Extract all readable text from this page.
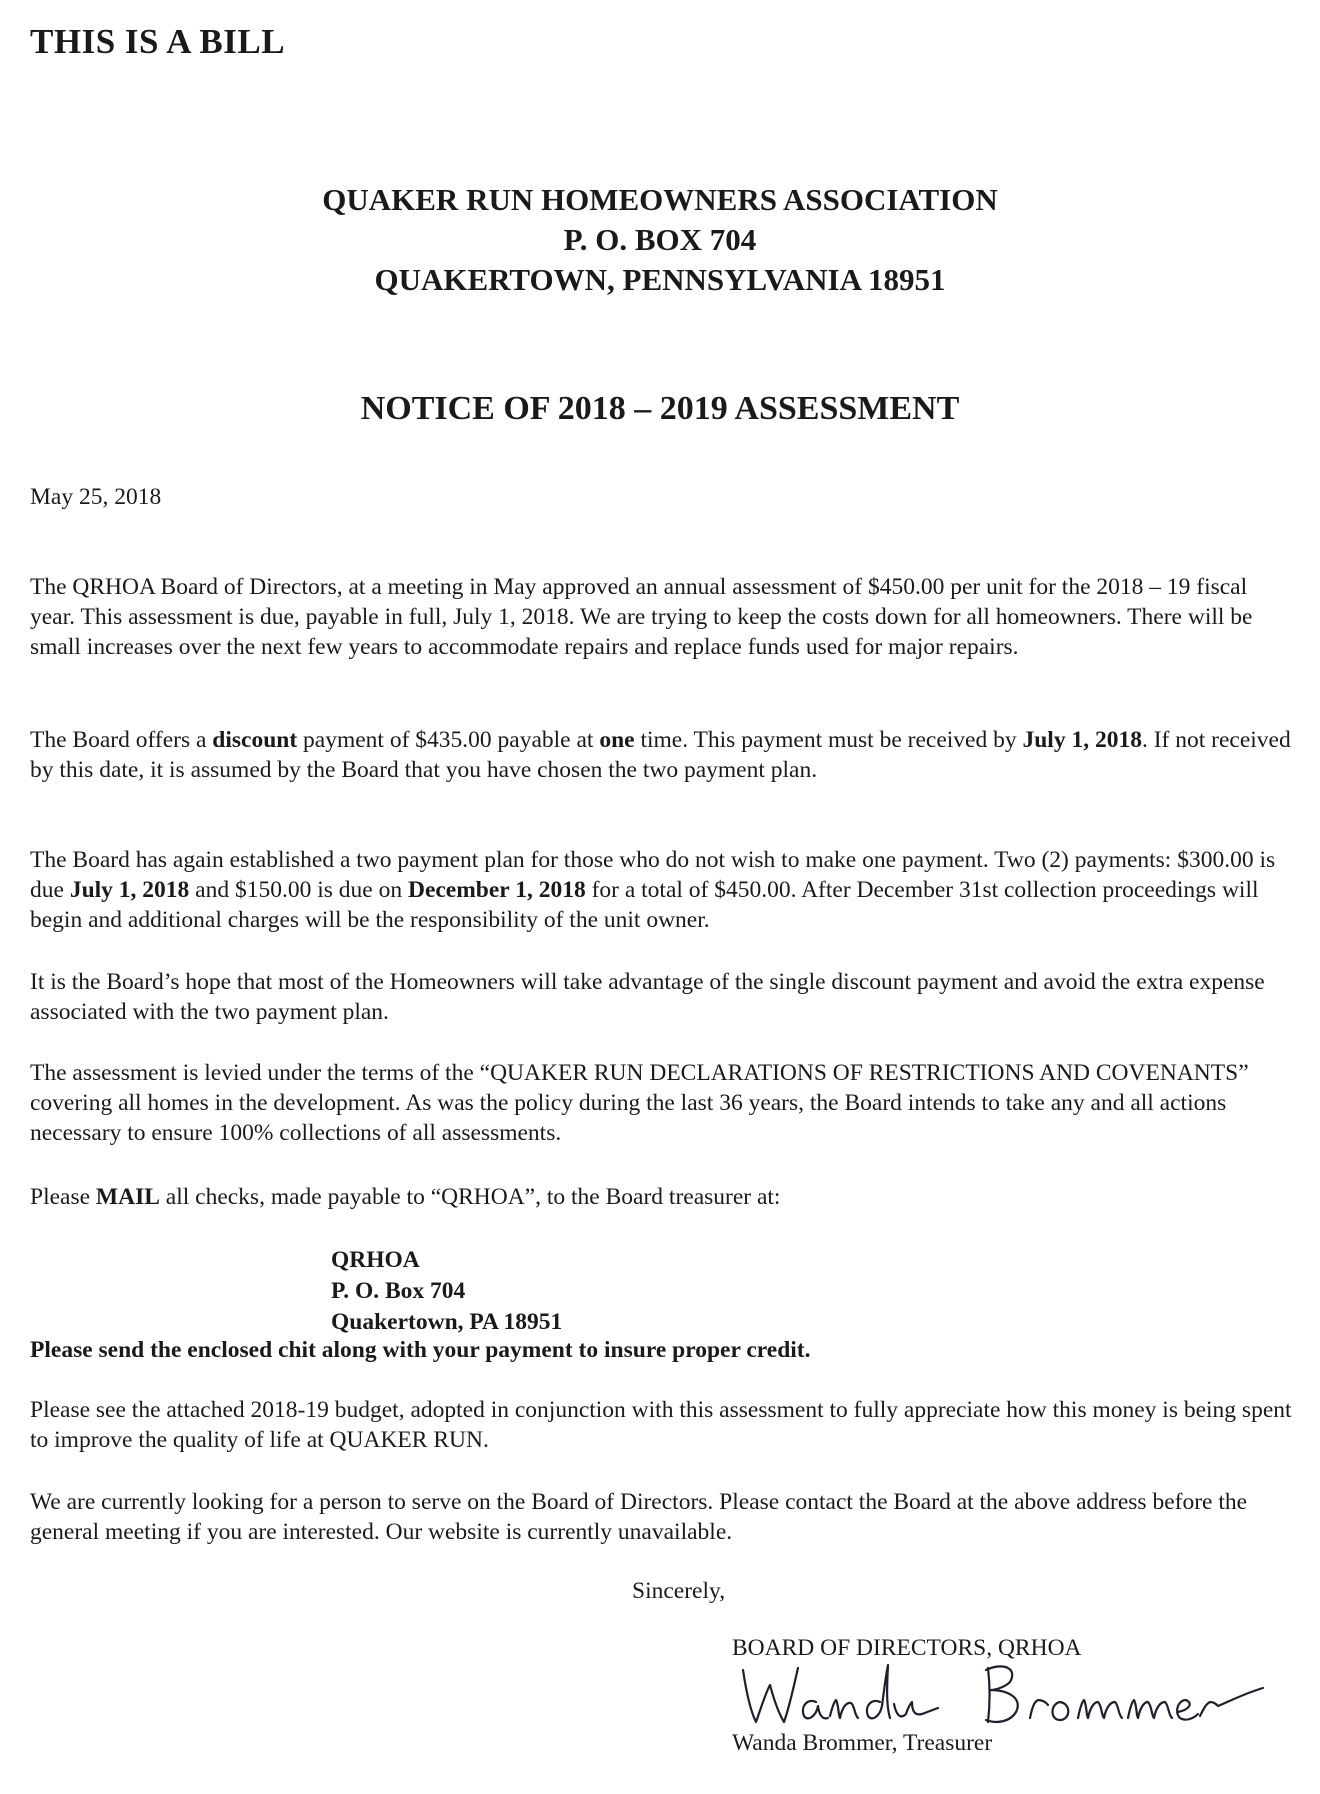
THIS IS A BILL
QUAKER RUN HOMEOWNERS ASSOCIATION
P. O. BOX 704
QUAKERTOWN, PENNSYLVANIA 18951
NOTICE OF 2018 – 2019 ASSESSMENT
May 25, 2018
The QRHOA Board of Directors, at a meeting in May approved an annual assessment of $450.00 per unit for the 2018 – 19 fiscal year. This assessment is due, payable in full, July 1, 2018. We are trying to keep the costs down for all homeowners. There will be small increases over the next few years to accommodate repairs and replace funds used for major repairs.
The Board offers a discount payment of $435.00 payable at one time. This payment must be received by July 1, 2018. If not received by this date, it is assumed by the Board that you have chosen the two payment plan.
The Board has again established a two payment plan for those who do not wish to make one payment. Two (2) payments: $300.00 is due July 1, 2018 and $150.00 is due on December 1, 2018 for a total of $450.00. After December 31st collection proceedings will begin and additional charges will be the responsibility of the unit owner.
It is the Board’s hope that most of the Homeowners will take advantage of the single discount payment and avoid the extra expense associated with the two payment plan.
The assessment is levied under the terms of the “QUAKER RUN DECLARATIONS OF RESTRICTIONS AND COVENANTS” covering all homes in the development. As was the policy during the last 36 years, the Board intends to take any and all actions necessary to ensure 100% collections of all assessments.
Please MAIL all checks, made payable to “QRHOA”, to the Board treasurer at:
QRHOA
P. O. Box 704
Quakertown, PA 18951
Please send the enclosed chit along with your payment to insure proper credit.
Please see the attached 2018-19 budget, adopted in conjunction with this assessment to fully appreciate how this money is being spent to improve the quality of life at QUAKER RUN.
We are currently looking for a person to serve on the Board of Directors. Please contact the Board at the above address before the general meeting if you are interested. Our website is currently unavailable.
Sincerely,
BOARD OF DIRECTORS, QRHOA
Wanda Brommer, Treasurer
